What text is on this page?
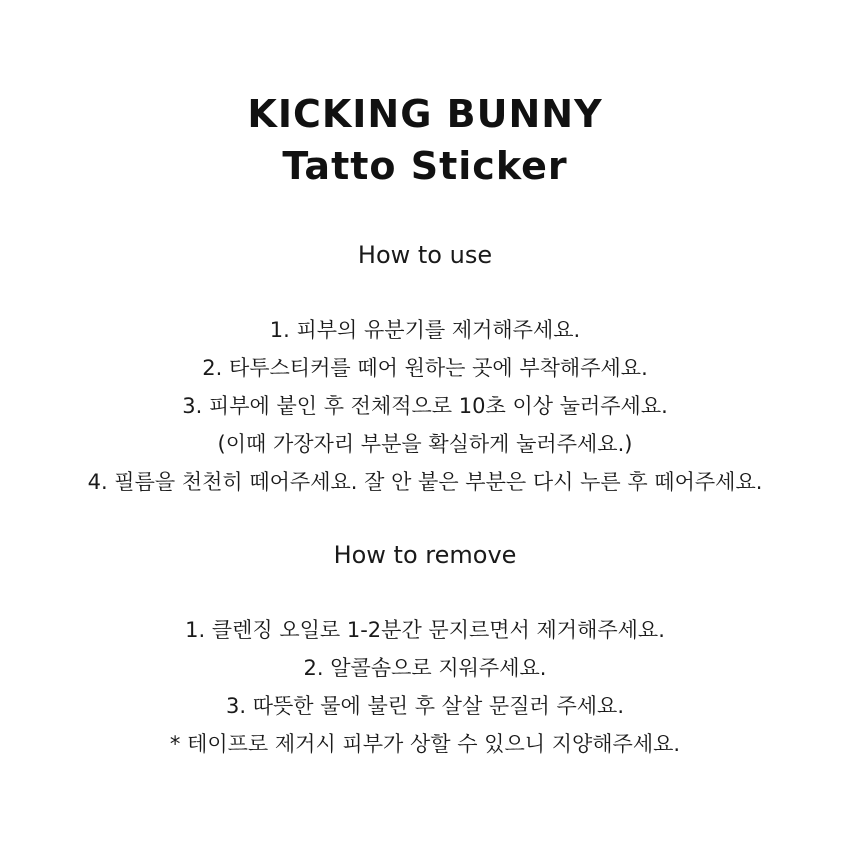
KICKING BUNNY
Tatto Sticker
How to use
1. 피부의 유분기를 제거해주세요.
2. 타투스티커를 떼어 원하는 곳에 부착해주세요.
3. 피부에 붙인 후 전체적으로 10초 이상 눌러주세요.
(이때 가장자리 부분을 확실하게 눌러주세요.)
4. 필름을 천천히 떼어주세요. 잘 안 붙은 부분은 다시 누른 후 떼어주세요.
How to remove
1. 클렌징 오일로 1-2분간 문지르면서 제거해주세요.
2. 알콜솜으로 지워주세요.
3. 따뜻한 물에 불린 후 살살 문질러 주세요.
* 테이프로 제거시 피부가 상할 수 있으니 지양해주세요.
